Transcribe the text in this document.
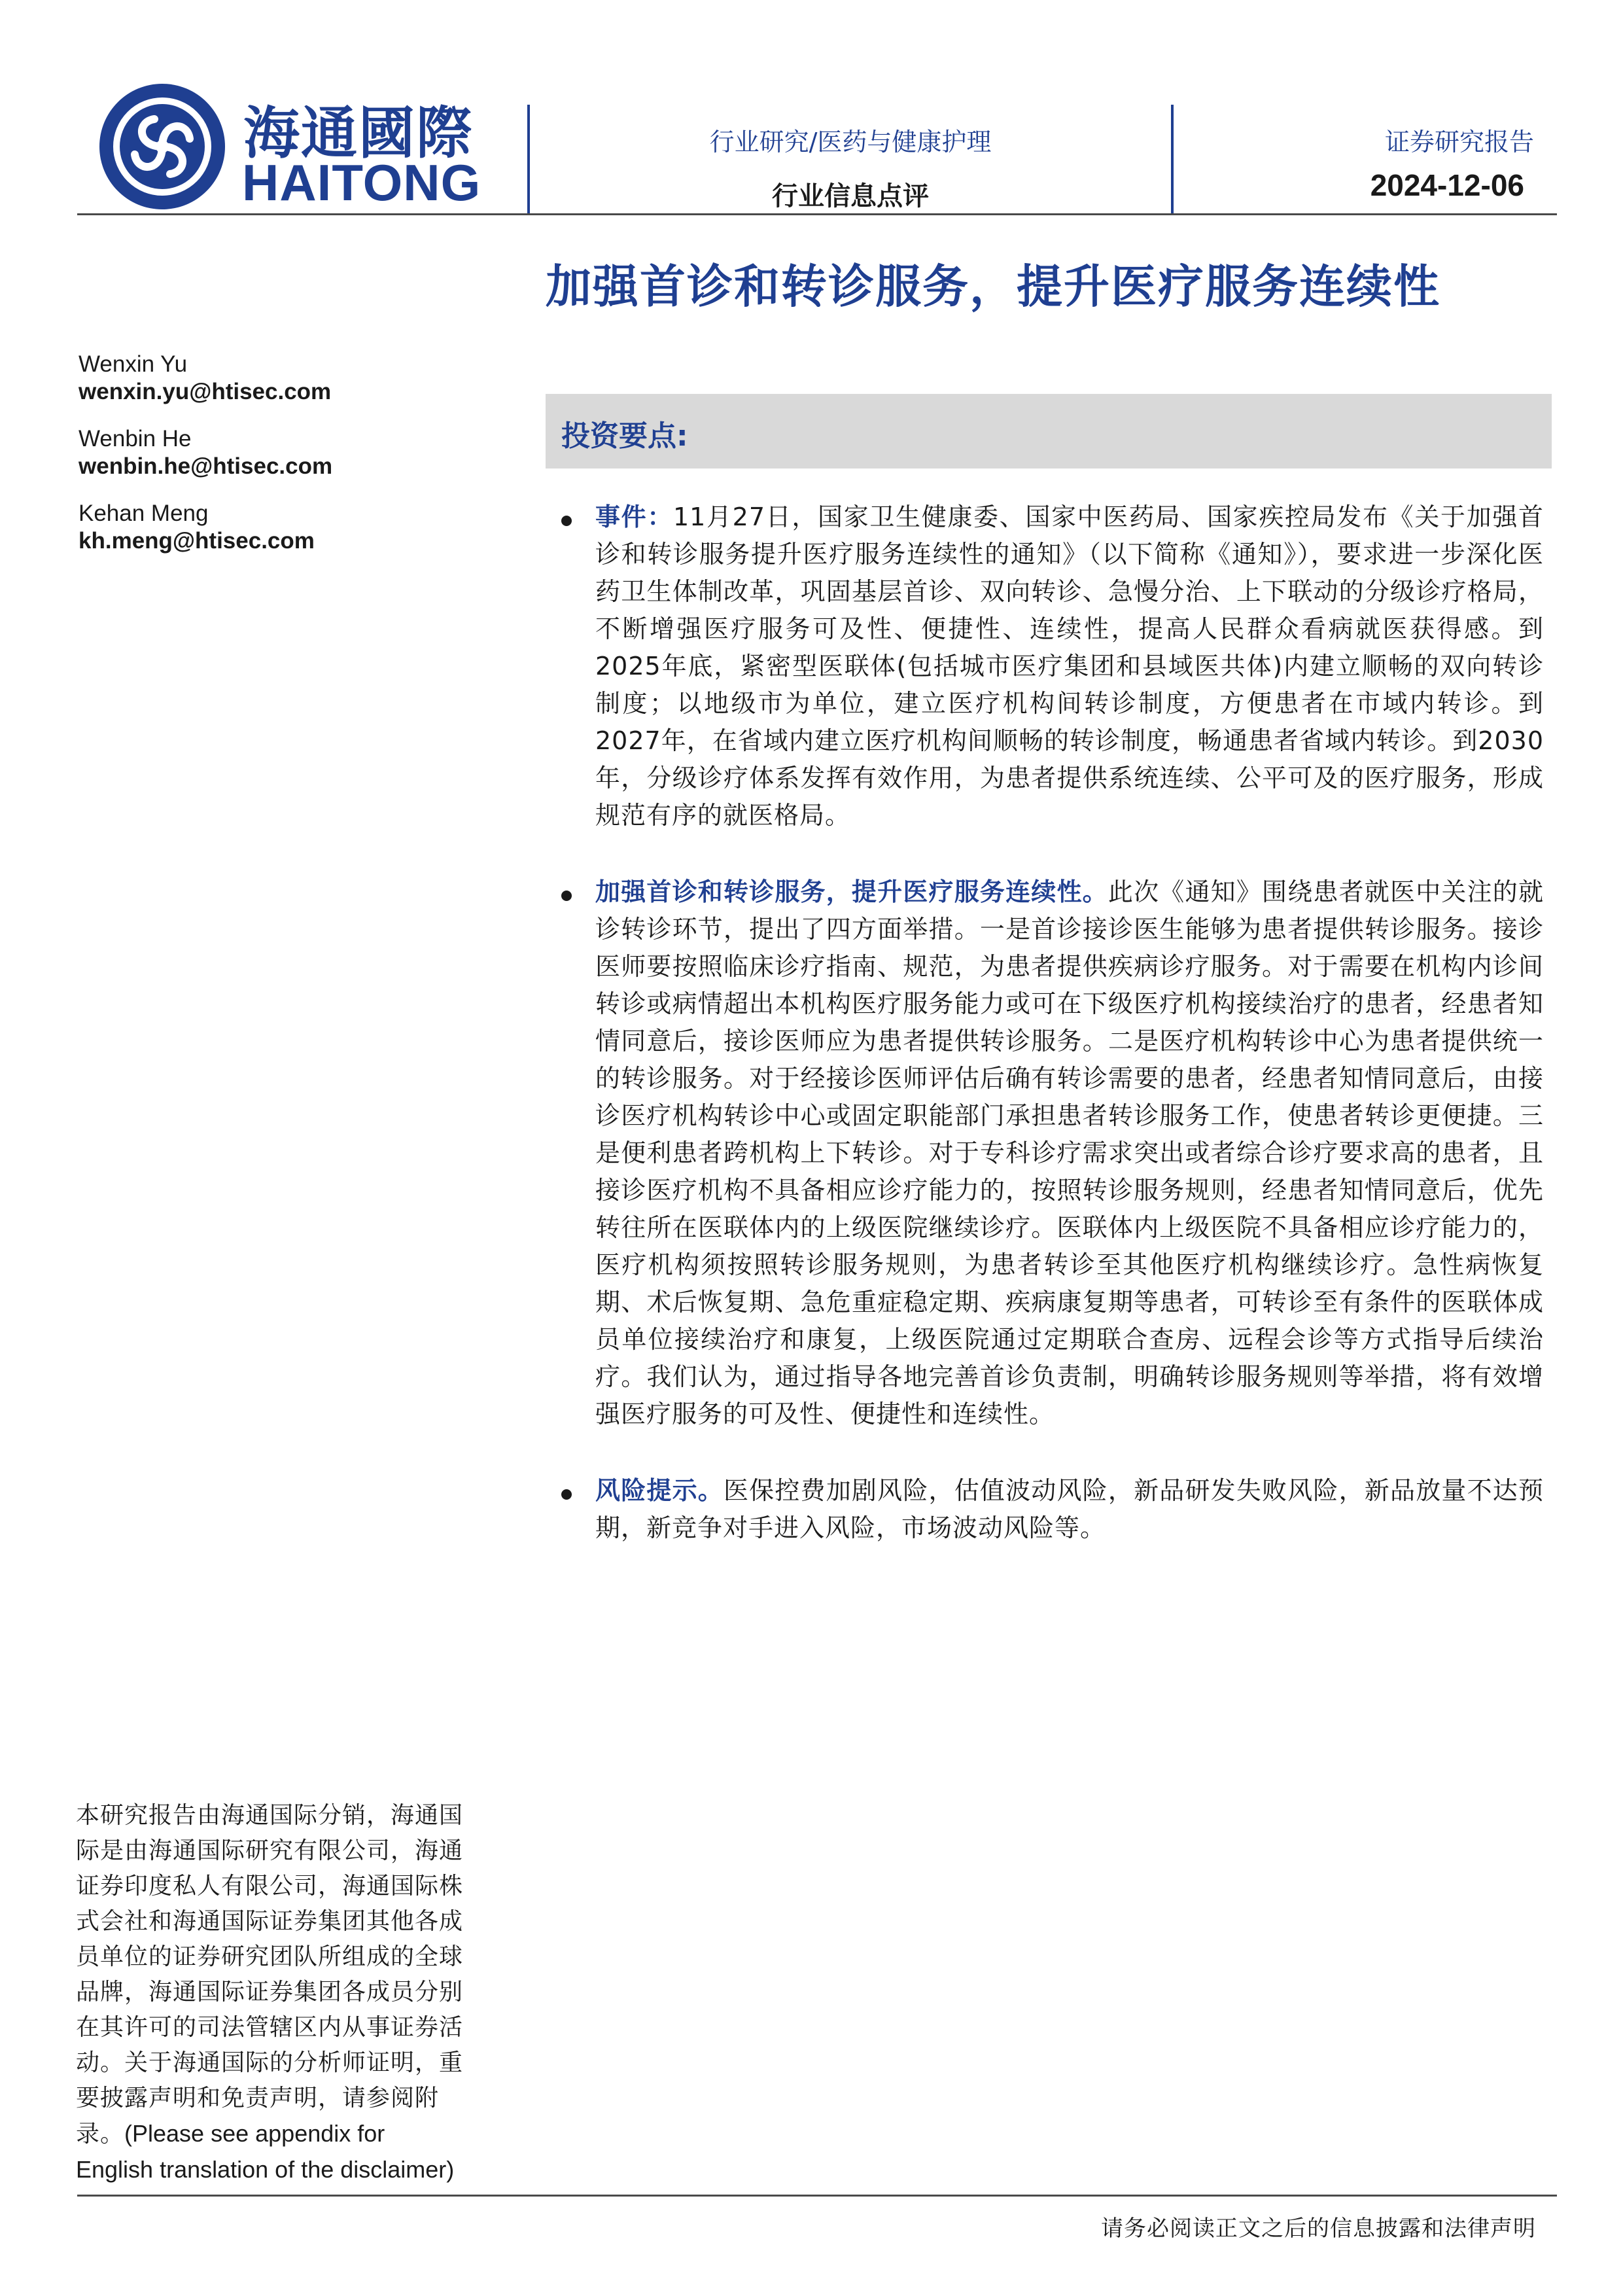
海通國際
HAITONG
行业研究/医药与健康护理
行业信息点评
证券研究报告
2024-12-06
加强首诊和转诊服务，提升医疗服务连续性
投资要点:
Wenxin Yu
wenxin.yu@htisec.com
Wenbin He
wenbin.he@htisec.com
Kehan Meng
kh.meng@htisec.com
事件：11月27日，国家卫生健康委、国家中医药局、国家疾控局发布《关于加强首诊和转诊服务提升医疗服务连续性的通知》（以下简称《通知》），要求进一步深化医药卫生体制改革，巩固基层首诊、双向转诊、急慢分治、上下联动的分级诊疗格局，不断增强医疗服务可及性、便捷性、连续性，提高人民群众看病就医获得感。到2025年底，紧密型医联体(包括城市医疗集团和县域医共体)内建立顺畅的双向转诊制度；以地级市为单位，建立医疗机构间转诊制度，方便患者在市域内转诊。到2027年，在省域内建立医疗机构间顺畅的转诊制度，畅通患者省域内转诊。到2030年，分级诊疗体系发挥有效作用，为患者提供系统连续、公平可及的医疗服务，形成规范有序的就医格局。
加强首诊和转诊服务，提升医疗服务连续性。此次《通知》围绕患者就医中关注的就诊转诊环节，提出了四方面举措。一是首诊接诊医生能够为患者提供转诊服务。接诊医师要按照临床诊疗指南、规范，为患者提供疾病诊疗服务。对于需要在机构内诊间转诊或病情超出本机构医疗服务能力或可在下级医疗机构接续治疗的患者，经患者知情同意后，接诊医师应为患者提供转诊服务。二是医疗机构转诊中心为患者提供统一的转诊服务。对于经接诊医师评估后确有转诊需要的患者，经患者知情同意后，由接诊医疗机构转诊中心或固定职能部门承担患者转诊服务工作，使患者转诊更便捷。三是便利患者跨机构上下转诊。对于专科诊疗需求突出或者综合诊疗要求高的患者，且接诊医疗机构不具备相应诊疗能力的，按照转诊服务规则，经患者知情同意后，优先转往所在医联体内的上级医院继续诊疗。医联体内上级医院不具备相应诊疗能力的，医疗机构须按照转诊服务规则，为患者转诊至其他医疗机构继续诊疗。急性病恢复期、术后恢复期、急危重症稳定期、疾病康复期等患者，可转诊至有条件的医联体成员单位接续治疗和康复，上级医院通过定期联合查房、远程会诊等方式指导后续治疗。我们认为，通过指导各地完善首诊负责制，明确转诊服务规则等举措，将有效增强医疗服务的可及性、便捷性和连续性。
风险提示。医保控费加剧风险，估值波动风险，新品研发失败风险，新品放量不达预期，新竞争对手进入风险，市场波动风险等。
本研究报告由海通国际分销，海通国际是由海通国际研究有限公司，海通证券印度私人有限公司，海通国际株式会社和海通国际证券集团其他各成员单位的证券研究团队所组成的全球品牌，海通国际证券集团各成员分别在其许可的司法管辖区内从事证券活动。关于海通国际的分析师证明，重要披露声明和免责声明，请参阅附录。(Please see appendix for English translation of the disclaimer)
请务必阅读正文之后的信息披露和法律声明
